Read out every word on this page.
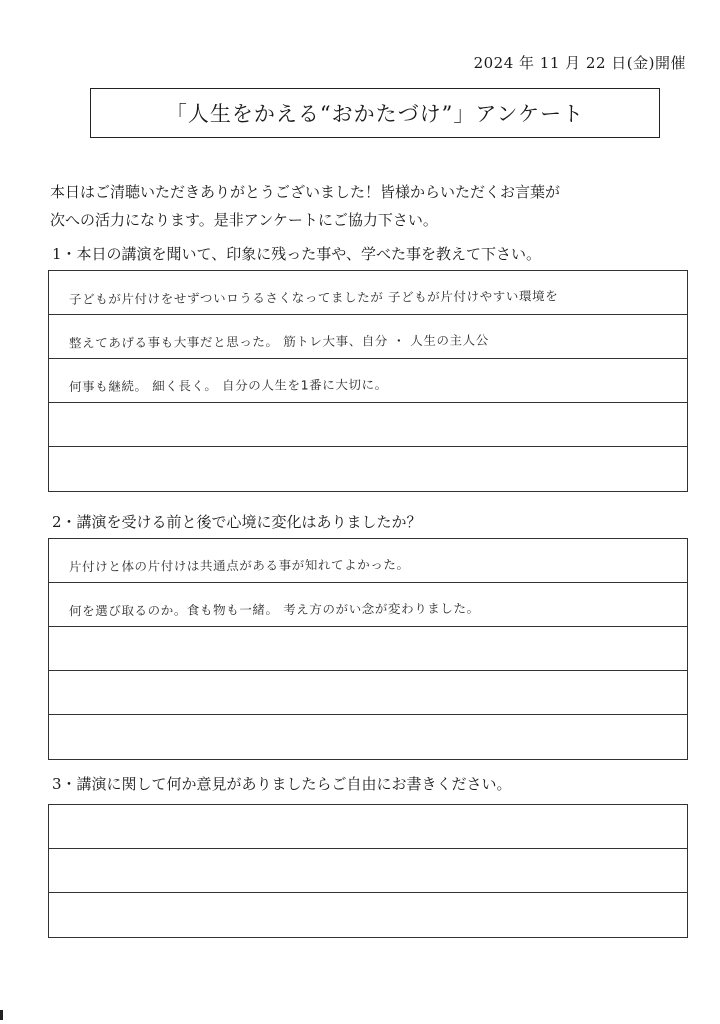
2024 年 11 月 22 日(金)開催
「人生をかえる“おかたづけ”」アンケート
本日はご清聴いただきありがとうございました！皆様からいただくお言葉が
次への活力になります。是非アンケートにご協力下さい。
1・本日の講演を聞いて、印象に残った事や、学べた事を教えて下さい。
子どもが片付けをせずついロうるさくなってましたが 子どもが片付けやすい環境を
整えてあげる事も大事だと思った。 筋トレ大事、自分 ・ 人生の主人公
何事も継続。 細く長く。 自分の人生を1番に大切に。
2・講演を受ける前と後で心境に変化はありましたか？
片付けと体の片付けは共通点がある事が知れてよかった。
何を選び取るのか。食も物も一緒。 考え方のがい念が変わりました。
3・講演に関して何か意見がありましたらご自由にお書きください。
